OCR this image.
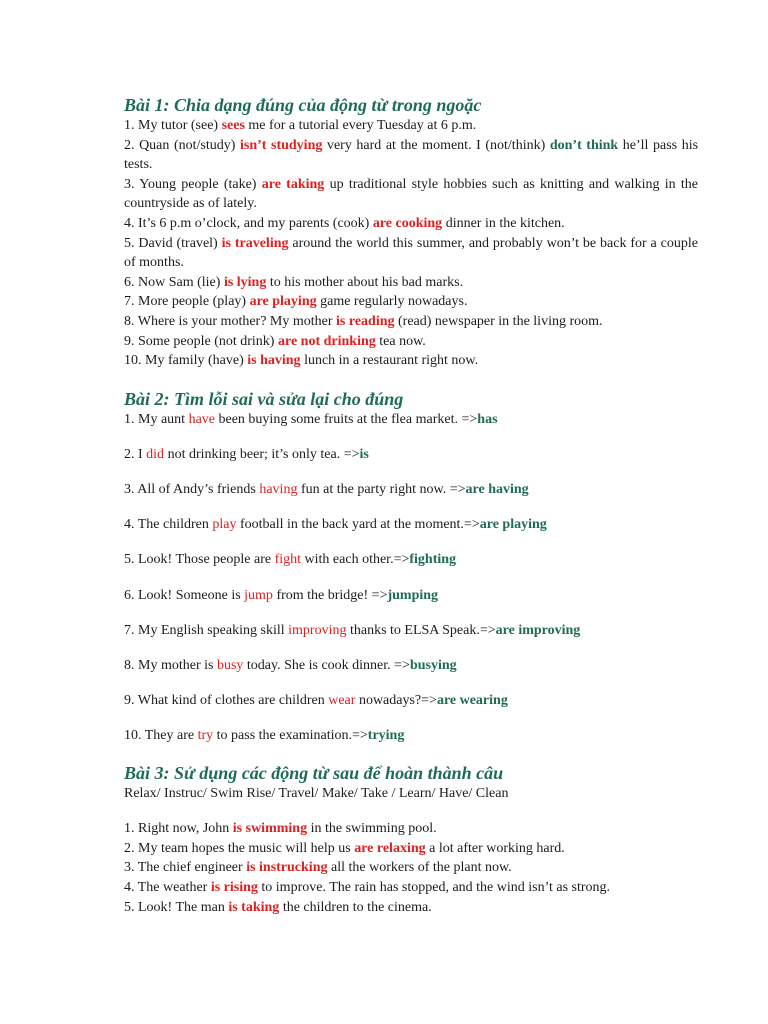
Bài 1: Chia dạng đúng của động từ trong ngoặc
1. My tutor (see) sees me for a tutorial every Tuesday at 6 p.m.
2. Quan (not/study) isn’t studying very hard at the moment. I (not/think) don’t think he’ll pass his tests.
3. Young people (take) are taking up traditional style hobbies such as knitting and walking in the countryside as of lately.
4. It’s 6 p.m o’clock, and my parents (cook) are cooking dinner in the kitchen.
5. David (travel) is traveling around the world this summer, and probably won’t be back for a couple of months.
6. Now Sam (lie) is lying to his mother about his bad marks.
7. More people (play) are playing game regularly nowadays.
8. Where is your mother? My mother is reading (read) newspaper in the living room.
9. Some people (not drink) are not drinking tea now.
10. My family (have) is having lunch in a restaurant right now.
Bài 2: Tìm lỗi sai và sửa lại cho đúng
1. My aunt have been buying some fruits at the flea market. =>has
2. I did not drinking beer; it’s only tea. =>is
3. All of Andy’s friends having fun at the party right now. =>are having
4. The children play football in the back yard at the moment.=>are playing
5. Look! Those people are fight with each other.=>fighting
6. Look! Someone is jump from the bridge! =>jumping
7. My English speaking skill improving thanks to ELSA Speak.=>are improving
8. My mother is busy today. She is cook dinner. =>busying
9. What kind of clothes are children wear nowadays?=>are wearing
10. They are try to pass the examination.=>trying
Bài 3: Sử dụng các động từ sau để hoàn thành câu
Relax/ Instruc/ Swim Rise/ Travel/ Make/ Take / Learn/ Have/ Clean
1. Right now, John is swimming in the swimming pool.
2. My team hopes the music will help us are relaxing a lot after working hard.
3. The chief engineer is instrucking all the workers of the plant now.
4. The weather is rising to improve. The rain has stopped, and the wind isn’t as strong.
5. Look! The man is taking the children to the cinema.
